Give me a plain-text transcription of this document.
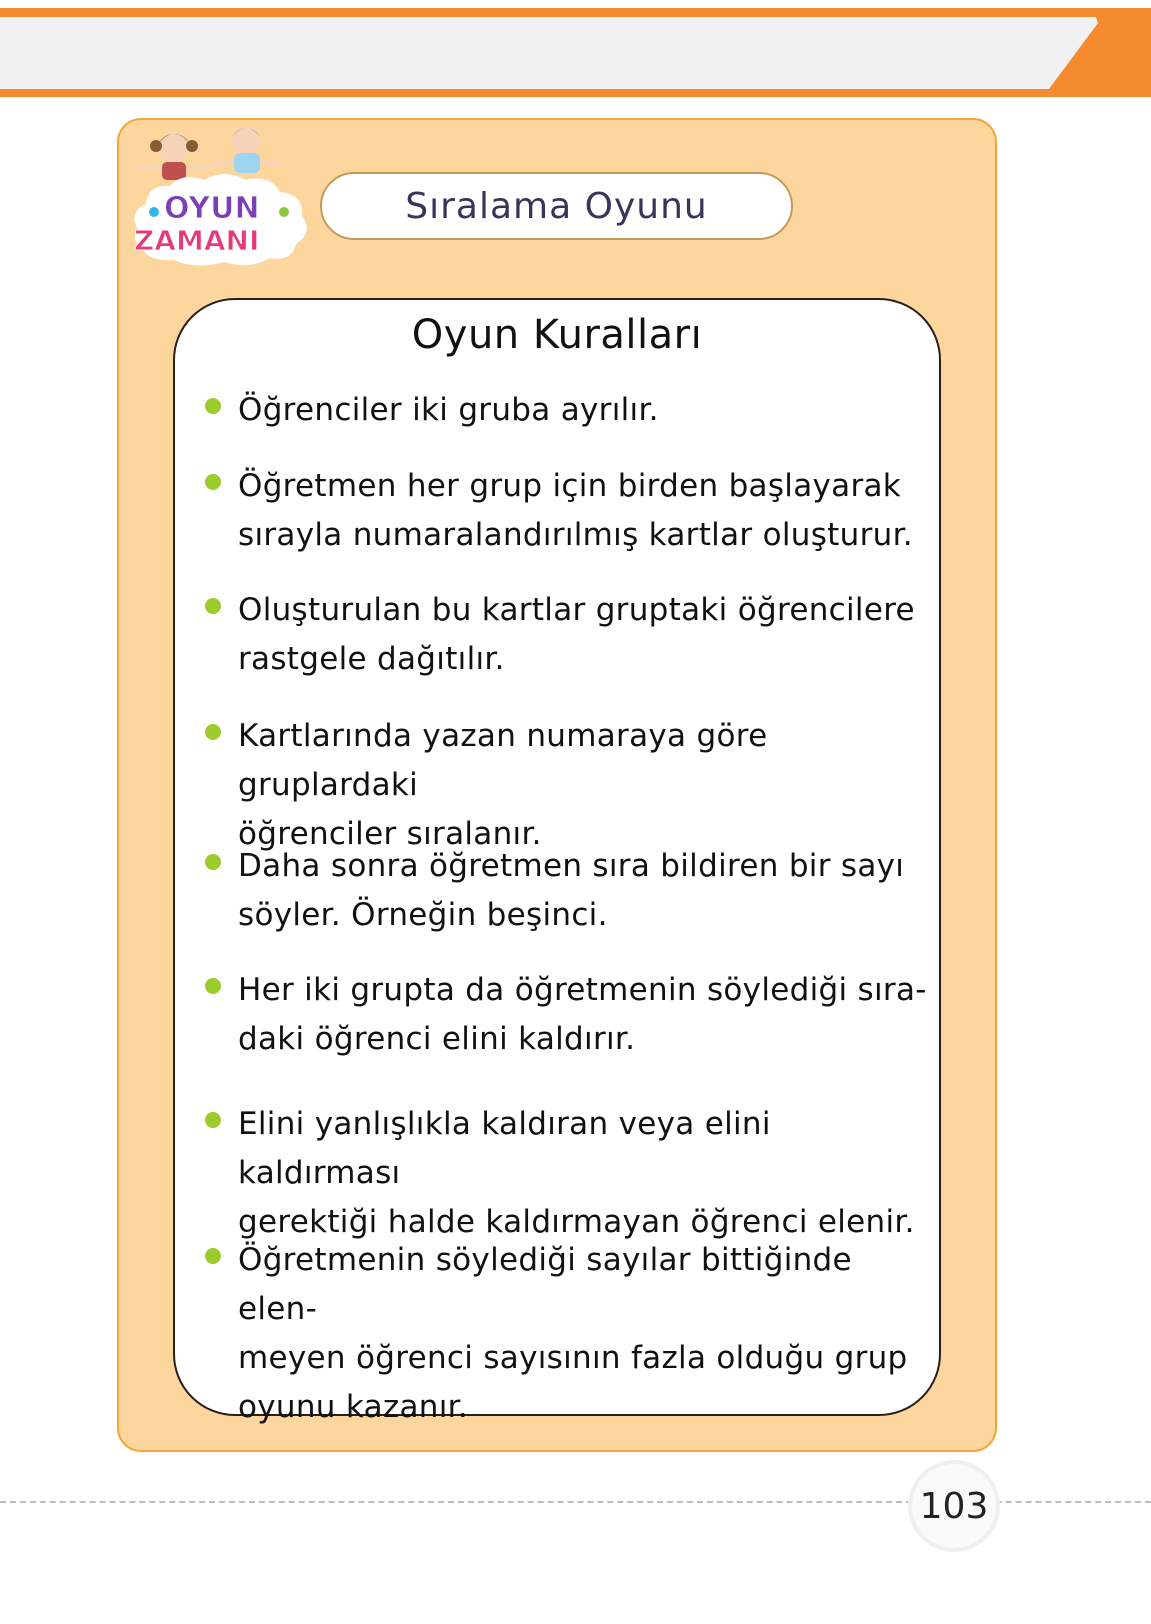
OYUN
ZAMANI
Sıralama Oyunu
Oyun Kuralları
Öğrenciler iki gruba ayrılır.
Öğretmen her grup için birden başlayarak
sırayla numaralandırılmış kartlar oluşturur.
Oluşturulan bu kartlar gruptaki öğrencilere
rastgele dağıtılır.
Kartlarında yazan numaraya göre gruplardaki
öğrenciler sıralanır.
Daha sonra öğretmen sıra bildiren bir sayı
söyler. Örneğin beşinci.
Her iki grupta da öğretmenin söylediği sıra-
daki öğrenci elini kaldırır.
Elini yanlışlıkla kaldıran veya elini kaldırması
gerektiği halde kaldırmayan öğrenci elenir.
Öğretmenin söylediği sayılar bittiğinde elen-
meyen öğrenci sayısının fazla olduğu grup
oyunu kazanır.
103
